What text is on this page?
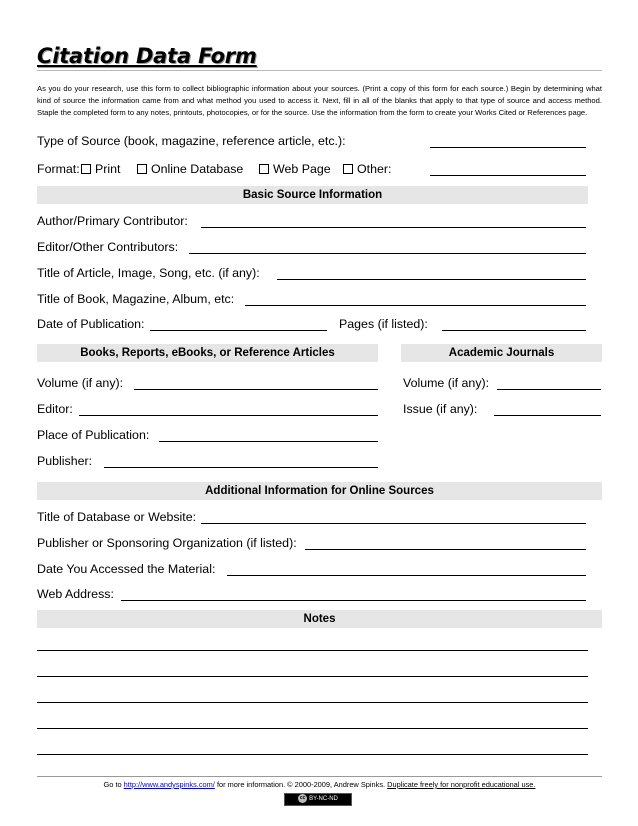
Citation Data Form
As you do your research, use this form to collect bibliographic information about your sources. (Print a copy of this form for each source.) Begin by determining what kind of source the information came from and what method you used to access it. Next, fill in all of the blanks that apply to that type of source and access method. Staple the completed form to any notes, printouts, photocopies, or for the source. Use the information from the form to create your Works Cited or References page.
Type of Source (book, magazine, reference article, etc.):
Format:	Print	Online Database	Web Page	Other:
Basic Source Information
Author/Primary Contributor:
Editor/Other Contributors:
Title of Article, Image, Song, etc. (if any):
Title of Book, Magazine, Album, etc:
Date of Publication:	Pages (if listed):
Books, Reports, eBooks, or Reference Articles	Academic Journals
Volume (if any):	Volume (if any):
Editor:	Issue (if any):
Place of Publication:
Publisher:
Additional Information for Online Sources
Title of Database or Website:
Publisher or Sponsoring Organization (if listed):
Date You Accessed the Material:
Web Address:
Notes
Go to http://www.andyspinks.com/ for more information. © 2000-2009, Andrew Spinks. Duplicate freely for nonprofit educational use.
cc BY-NC-ND
